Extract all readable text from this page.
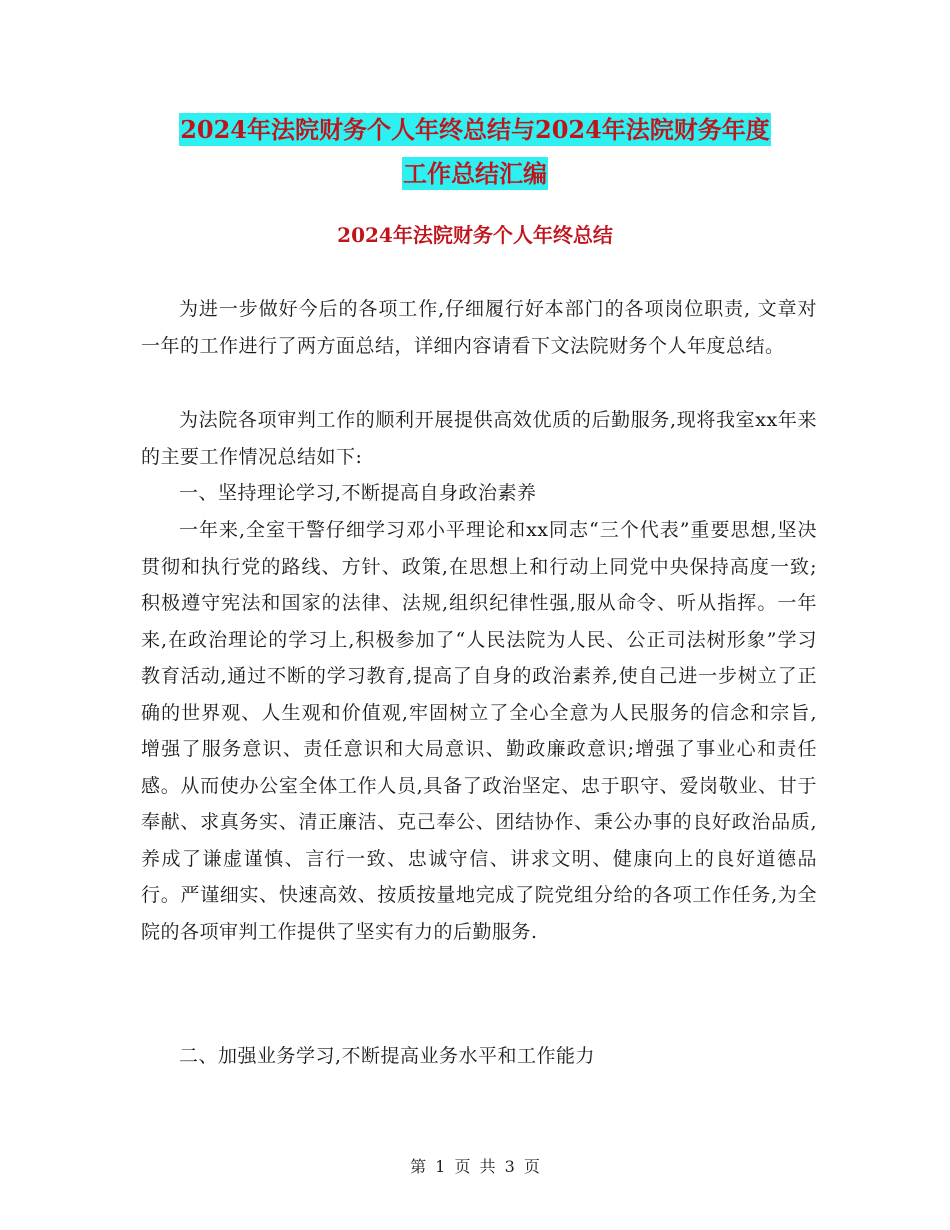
2024年法院财务个人年终总结与2024年法院财务年度
工作总结汇编
2024年法院财务个人年终总结

为进一步做好今后的各项工作,仔细履行好本部门的各项岗位职责, 文章对一年的工作进行了两方面总结，详细内容请看下文法院财务个人年度总结。

为法院各项审判工作的顺利开展提供高效优质的后勤服务,现将我室xx年来的主要工作情况总结如下:

一、坚持理论学习,不断提高自身政治素养

一年来,全室干警仔细学习邓小平理论和xx同志“三个代表”重要思想,坚决贯彻和执行党的路线、方针、政策,在思想上和行动上同党中央保持高度一致;积极遵守宪法和国家的法律、法规,组织纪律性强,服从命令、听从指挥。一年来,在政治理论的学习上,积极参加了“人民法院为人民、公正司法树形象”学习教育活动,通过不断的学习教育,提高了自身的政治素养,使自己进一步树立了正确的世界观、人生观和价值观,牢固树立了全心全意为人民服务的信念和宗旨,增强了服务意识、责任意识和大局意识、勤政廉政意识;增强了事业心和责任感。从而使办公室全体工作人员,具备了政治坚定、忠于职守、爱岗敬业、甘于奉献、求真务实、清正廉洁、克己奉公、团结协作、秉公办事的良好政治品质,养成了谦虚谨慎、言行一致、忠诚守信、讲求文明、健康向上的良好道德品行。严谨细实、快速高效、按质按量地完成了院党组分给的各项工作任务,为全院的各项审判工作提供了坚实有力的后勤服务.

二、加强业务学习,不断提高业务水平和工作能力

第 1 页 共 3 页
